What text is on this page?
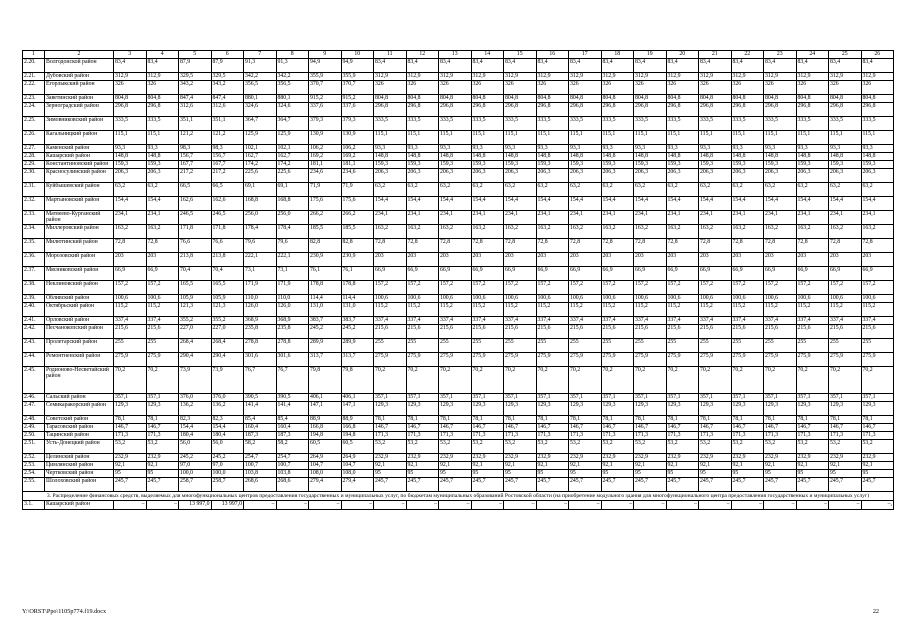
1	2	3	4	5	6	7	8	9	10	11	12	13	14	15	16	17	18	19	20	21	22	23	24	25	26
2.20.	Волгодонской район	83,4	83,4	87,9	87,9	91,3	91,3	94,9	94,9	83,4	83,4	83,4	83,4	83,4	83,4	83,4	83,4	83,4	83,4	83,4	83,4	83,4	83,4	83,4	83,4
2.21.	Дубовский район	312,9	312,9	329,5	329,5	342,2	342,2	355,9	355,9	312,9	312,9	312,9	312,9	312,9	312,9	312,9	312,9	312,9	312,9	312,9	312,9	312,9	312,9	312,9	312,9
2.22.	Егорлыкский район	326	326	343,2	343,2	356,5	356,5	370,7	370,7	326	326	326	326	326	326	326	326	326	326	326	326	326	326	326	326
2.23.	Заветинский район	804,8	804,8	847,4	847,4	880,1	880,1	915,2	915,2	804,8	804,8	804,8	804,8	804,8	804,8	804,8	804,8	804,8	804,8	804,8	804,8	804,8	804,8	804,8	804,8
2.24.	Зерноградский район	296,8	296,8	312,6	312,6	324,6	324,6	337,6	337,6	296,8	296,8	296,8	296,8	296,8	296,8	296,8	296,8	296,8	296,8	296,8	296,8	296,8	296,8	296,8	296,8
2.25.	Зимовниковский район	333,5	333,5	351,1	351,1	364,7	364,7	379,3	379,3	333,5	333,5	333,5	333,5	333,5	333,5	333,5	333,5	333,5	333,5	333,5	333,5	333,5	333,5	333,5	333,5
2.26.	Кагальницкий район	115,1	115,1	121,2	121,2	125,9	125,9	130,9	130,9	115,1	115,1	115,1	115,1	115,1	115,1	115,1	115,1	115,1	115,1	115,1	115,1	115,1	115,1	115,1	115,1
2.27.	Каменский район	93,3	93,3	98,3	98,3	102,1	102,1	106,2	106,2	93,3	93,3	93,3	93,3	93,3	93,3	93,3	93,3	93,3	93,3	93,3	93,3	93,3	93,3	93,3	93,3
2.28.	Кашарский район	148,8	148,8	156,7	156,7	162,7	162,7	169,2	169,2	148,8	148,8	148,8	148,8	148,8	148,8	148,8	148,8	148,8	148,8	148,8	148,8	148,8	148,8	148,8	148,8
2.29.	Константиновский район	159,3	159,3	167,7	167,7	174,2	174,2	181,1	181,1	159,3	159,3	159,3	159,3	159,3	159,3	159,3	159,3	159,3	159,3	159,3	159,3	159,3	159,3	159,3	159,3
2.30.	Красносулинский район	206,3	206,3	217,2	217,2	225,6	225,6	234,6	234,6	206,3	206,3	206,3	206,3	206,3	206,3	206,3	206,3	206,3	206,3	206,3	206,3	206,3	206,3	206,3	206,3
2.31.	Куйбышевский район	63,2	63,2	66,5	66,5	69,1	69,1	71,9	71,9	63,2	63,2	63,2	63,2	63,2	63,2	63,2	63,2	63,2	63,2	63,2	63,2	63,2	63,2	63,2	63,2
2.32.	Мартыновский район	154,4	154,4	162,6	162,6	168,8	168,8	175,6	175,6	154,4	154,4	154,4	154,4	154,4	154,4	154,4	154,4	154,4	154,4	154,4	154,4	154,4	154,4	154,4	154,4
2.33.	Матвеево-Курганский район	234,1	234,1	246,5	246,5	256,0	256,0	266,2	266,2	234,1	234,1	234,1	234,1	234,1	234,1	234,1	234,1	234,1	234,1	234,1	234,1	234,1	234,1	234,1	234,1
2.34.	Миллеровский район	163,2	163,2	171,8	171,8	178,4	178,4	185,5	185,5	163,2	163,2	163,2	163,2	163,2	163,2	163,2	163,2	163,2	163,2	163,2	163,2	163,2	163,2	163,2	163,2
2.35.	Милютинский район	72,8	72,8	76,6	76,6	79,6	79,6	82,8	82,8	72,8	72,8	72,8	72,8	72,8	72,8	72,8	72,8	72,8	72,8	72,8	72,8	72,8	72,8	72,8	72,8
2.36.	Морозовский район	203	203	213,8	213,8	222,1	222,1	230,9	230,9	203	203	203	203	203	203	203	203	203	203	203	203	203	203	203	203
2.37.	Мясниковский район	66,9	66,9	70,4	70,4	73,1	73,1	76,1	76,1	66,9	66,9	66,9	66,9	66,9	66,9	66,9	66,9	66,9	66,9	66,9	66,9	66,9	66,9	66,9	66,9
2.38.	Неклиновский район	157,2	157,2	165,5	165,5	171,9	171,9	178,8	178,8	157,2	157,2	157,2	157,2	157,2	157,2	157,2	157,2	157,2	157,2	157,2	157,2	157,2	157,2	157,2	157,2
2.39.	Обливский район	100,6	100,6	105,9	105,9	110,0	110,0	114,4	114,4	100,6	100,6	100,6	100,6	100,6	100,6	100,6	100,6	100,6	100,6	100,6	100,6	100,6	100,6	100,6	100,6
2.40.	Октябрьский район	115,2	115,2	121,3	121,3	126,0	126,0	131,0	131,0	115,2	115,2	115,2	115,2	115,2	115,2	115,2	115,2	115,2	115,2	115,2	115,2	115,2	115,2	115,2	115,2
2.41.	Орловский район	337,4	337,4	355,2	355,2	368,9	368,9	383,7	383,7	337,4	337,4	337,4	337,4	337,4	337,4	337,4	337,4	337,4	337,4	337,4	337,4	337,4	337,4	337,4	337,4
2.42.	Песчанокопский район	215,6	215,6	227,0	227,0	235,8	235,8	245,2	245,2	215,6	215,6	215,6	215,6	215,6	215,6	215,6	215,6	215,6	215,6	215,6	215,6	215,6	215,6	215,6	215,6
2.43.	Пролетарский район	255	255	268,4	268,4	278,8	278,8	289,9	289,9	255	255	255	255	255	255	255	255	255	255	255	255	255	255	255	255
2.44.	Ремонтненский район	275,9	275,9	290,4	290,4	301,6	301,6	313,7	313,7	275,9	275,9	275,9	275,9	275,9	275,9	275,9	275,9	275,9	275,9	275,9	275,9	275,9	275,9	275,9	275,9
2.45.	Родионово-Несветайский район	70,2	70,2	73,9	73,9	76,7	76,7	79,8	79,8	70,2	70,2	70,2	70,2	70,2	70,2	70,2	70,2	70,2	70,2	70,2	70,2	70,2	70,2	70,2	70,2
2.46.	Сальский район	357,1	357,1	376,0	376,0	390,5	390,5	406,1	406,1	357,1	357,1	357,1	357,1	357,1	357,1	357,1	357,1	357,1	357,1	357,1	357,1	357,1	357,1	357,1	357,1
2.47.	Семикаракорский район	129,3	129,3	136,2	136,2	141,4	141,4	147,1	147,1	129,3	129,3	129,3	129,3	129,3	129,3	129,3	129,3	129,3	129,3	129,3	129,3	129,3	129,3	129,3	129,3
2.48.	Советский район	78,1	78,1	82,3	82,3	85,4	85,4	88,9	88,9	78,1	78,1	78,1	78,1	78,1	78,1	78,1	78,1	78,1	78,1	78,1	78,1	78,1	78,1	78,1	78,1
2.49.	Тарасовский район	146,7	146,7	154,4	154,4	160,4	160,4	166,8	166,8	146,7	146,7	146,7	146,7	146,7	146,7	146,7	146,7	146,7	146,7	146,7	146,7	146,7	146,7	146,7	146,7
2.50.	Тацинский район	171,3	171,3	180,4	180,4	187,3	187,3	194,8	194,8	171,3	171,3	171,3	171,3	171,3	171,3	171,3	171,3	171,3	171,3	171,3	171,3	171,3	171,3	171,3	171,3
2.51.	Усть-Донецкий район	53,2	53,2	56,0	56,0	58,2	58,2	60,5	60,5	53,2	53,2	53,2	53,2	53,2	53,2	53,2	53,2	53,2	53,2	53,2	53,2	53,2	53,2	53,2	53,2
2.52.	Целинский район	232,9	232,9	245,2	245,2	254,7	254,7	264,9	264,9	232,9	232,9	232,9	232,9	232,9	232,9	232,9	232,9	232,9	232,9	232,9	232,9	232,9	232,9	232,9	232,9
2.53.	Цимлянский район	92,1	92,1	97,0	97,0	100,7	100,7	104,7	104,7	92,1	92,1	92,1	92,1	92,1	92,1	92,1	92,1	92,1	92,1	92,1	92,1	92,1	92,1	92,1	92,1
2.54.	Чертковский район	95	95	100,0	100,0	103,8	103,8	108,0	108,0	95	95	95	95	95	95	95	95	95	95	95	95	95	95	95	95
2.55.	Шолоховский район	245,7	245,7	258,7	258,7	268,6	268,6	279,4	279,4	245,7	245,7	245,7	245,7	245,7	245,7	245,7	245,7	245,7	245,7	245,7	245,7	245,7	245,7	245,7	245,7
3. Распределение финансовых средств, выделяемых для многофункциональных центров предоставления государственных и муниципальных услуг, по бюджетам муниципальных образований Ростовской области (на приобретение модульного здания для многофункционального центра предоставления государственных и муниципальных услуг)																									
3.1.	Кашарский район	–	–	13 997,0	13 997,0	–	–	–	–	–	–	–	–	–	–	–	–	–	–	–	–	–	–	–	–,
Y:\ORST\Ppo\1105p774.f19.docx	22
